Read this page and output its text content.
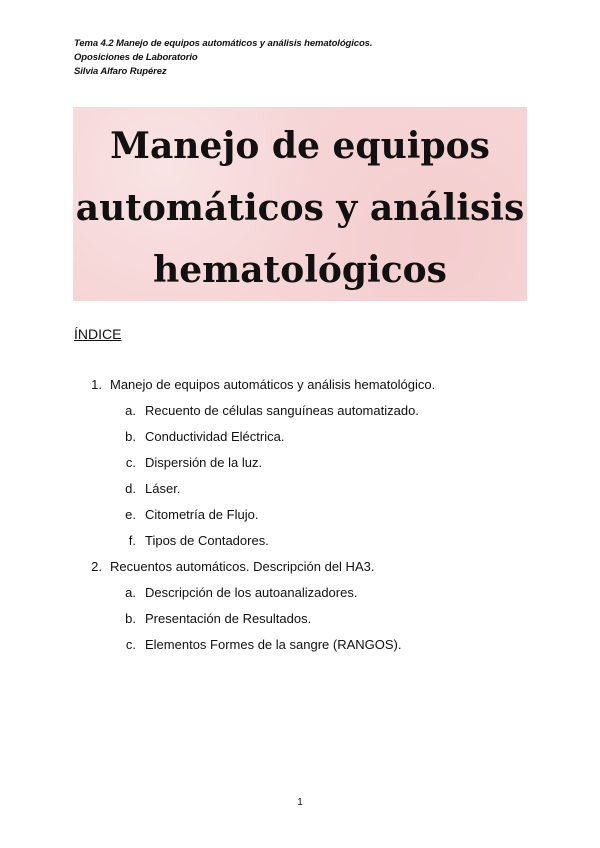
Tema 4.2 Manejo de equipos automáticos y análisis hematológicos.
Oposiciones de Laboratorio
Silvia Alfaro Rupérez
Manejo de equipos
automáticos y análisis
hematológicos
ÍNDICE
1. Manejo de equipos automáticos y análisis hematológico.
a. Recuento de células sanguíneas automatizado.
b. Conductividad Eléctrica.
c. Dispersión de la luz.
d. Láser.
e. Citometría de Flujo.
f. Tipos de Contadores.
2. Recuentos automáticos. Descripción del HA3.
a. Descripción de los autoanalizadores.
b. Presentación de Resultados.
c. Elementos Formes de la sangre (RANGOS).
1
